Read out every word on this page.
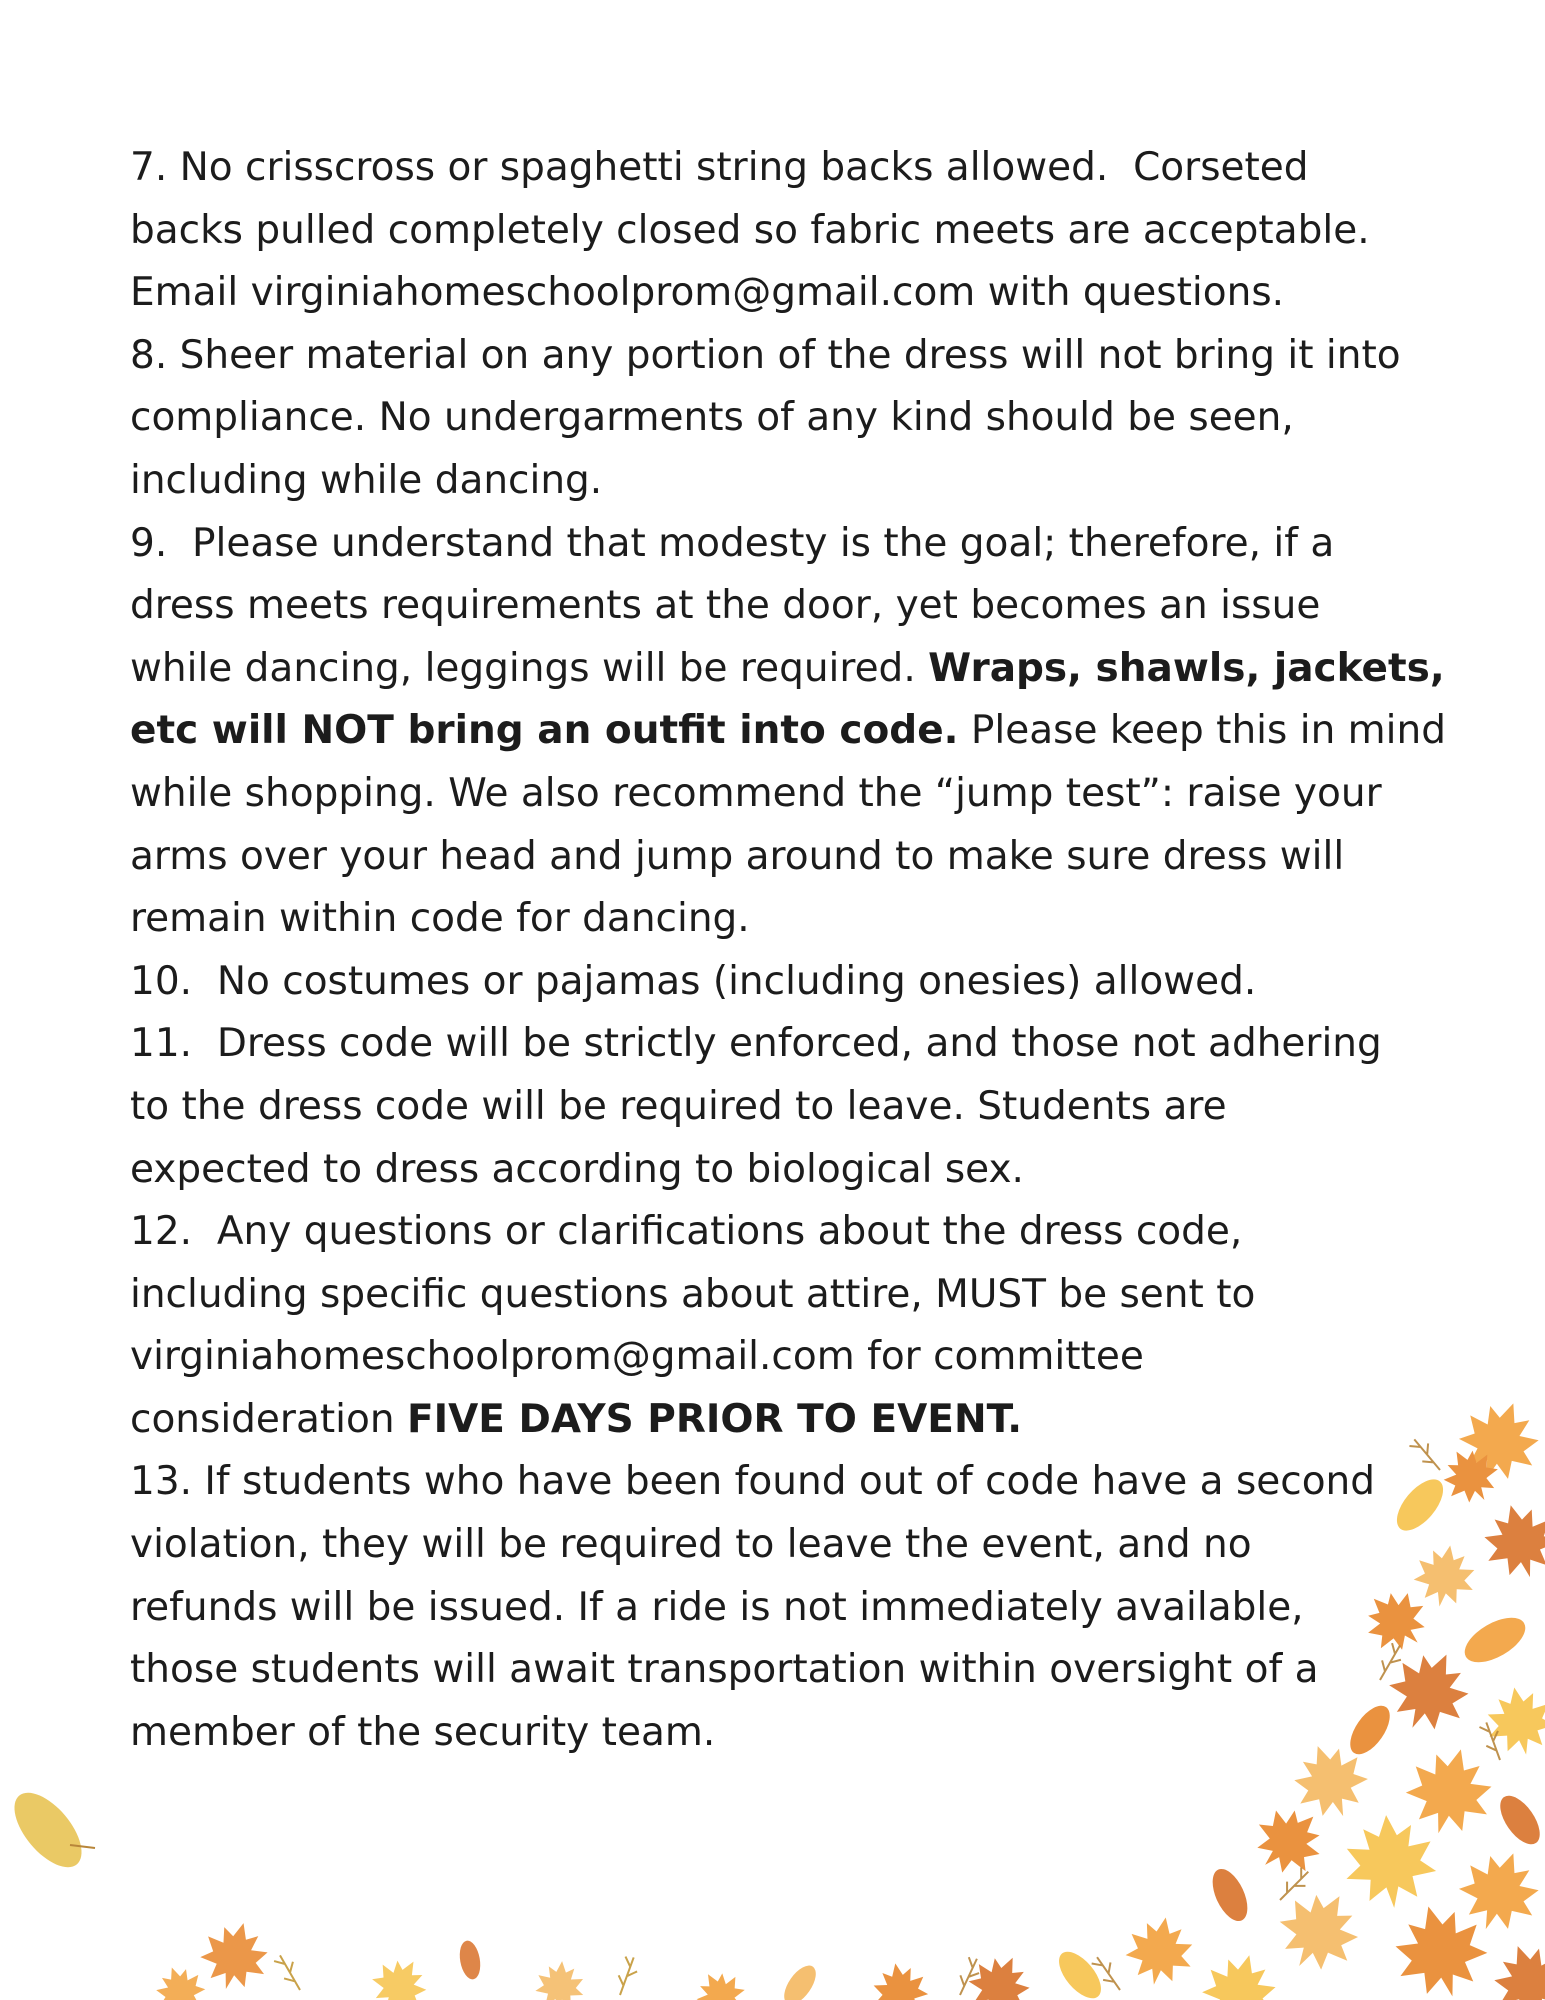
7. No crisscross or spaghetti string backs allowed.  Corseted

backs pulled completely closed so fabric meets are acceptable.

Email virginiahomeschoolprom@gmail.com with questions.

8. Sheer material on any portion of the dress will not bring it into

compliance. No undergarments of any kind should be seen,

including while dancing.

9.  Please understand that modesty is the goal; therefore, if a

dress meets requirements at the door, yet becomes an issue

while dancing, leggings will be required. Wraps, shawls, jackets,

etc will NOT bring an outfit into code. Please keep this in mind

while shopping. We also recommend the “jump test”: raise your

arms over your head and jump around to make sure dress will

remain within code for dancing.

10.  No costumes or pajamas (including onesies) allowed.

11.  Dress code will be strictly enforced, and those not adhering

to the dress code will be required to leave. Students are

expected to dress according to biological sex.

12.  Any questions or clarifications about the dress code,

including specific questions about attire, MUST be sent to

virginiahomeschoolprom@gmail.com for committee

consideration FIVE DAYS PRIOR TO EVENT.

13. If students who have been found out of code have a second

violation, they will be required to leave the event, and no

refunds will be issued. If a ride is not immediately available,

those students will await transportation within oversight of a

member of the security team.
